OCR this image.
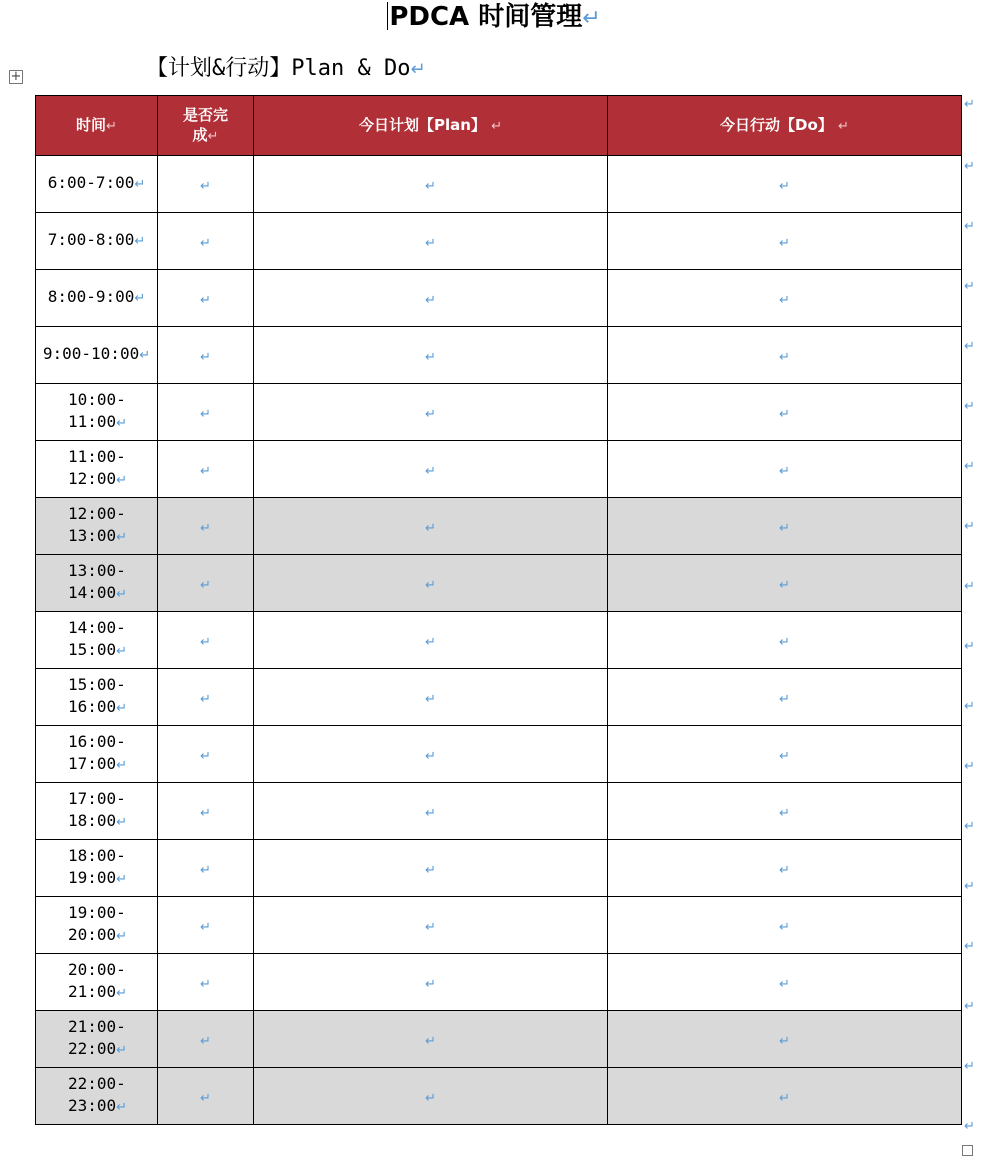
PDCA 时间管理↵
+	【计划&行动】Plan & Do↵
时间↵	是否完成↵	今日计划【Plan】 ↵	今日行动【Do】 ↵
6:00-7:00↵	↵	↵	↵
7:00-8:00↵	↵	↵	↵
8:00-9:00↵	↵	↵	↵
9:00-10:00↵	↵	↵	↵
10:00-
11:00↵	↵	↵	↵
11:00-
12:00↵	↵	↵	↵
12:00-
13:00↵	↵	↵	↵
13:00-
14:00↵	↵	↵	↵
14:00-
15:00↵	↵	↵	↵
15:00-
16:00↵	↵	↵	↵
16:00-
17:00↵	↵	↵	↵
17:00-
18:00↵	↵	↵	↵
18:00-
19:00↵	↵	↵	↵
19:00-
20:00↵	↵	↵	↵
20:00-
21:00↵	↵	↵	↵
21:00-
22:00↵	↵	↵	↵
22:00-
23:00↵	↵	↵	↵
↵
↵
↵
↵
↵
↵
↵
↵
↵
↵
↵
↵
↵
↵
↵
↵
↵
↵
